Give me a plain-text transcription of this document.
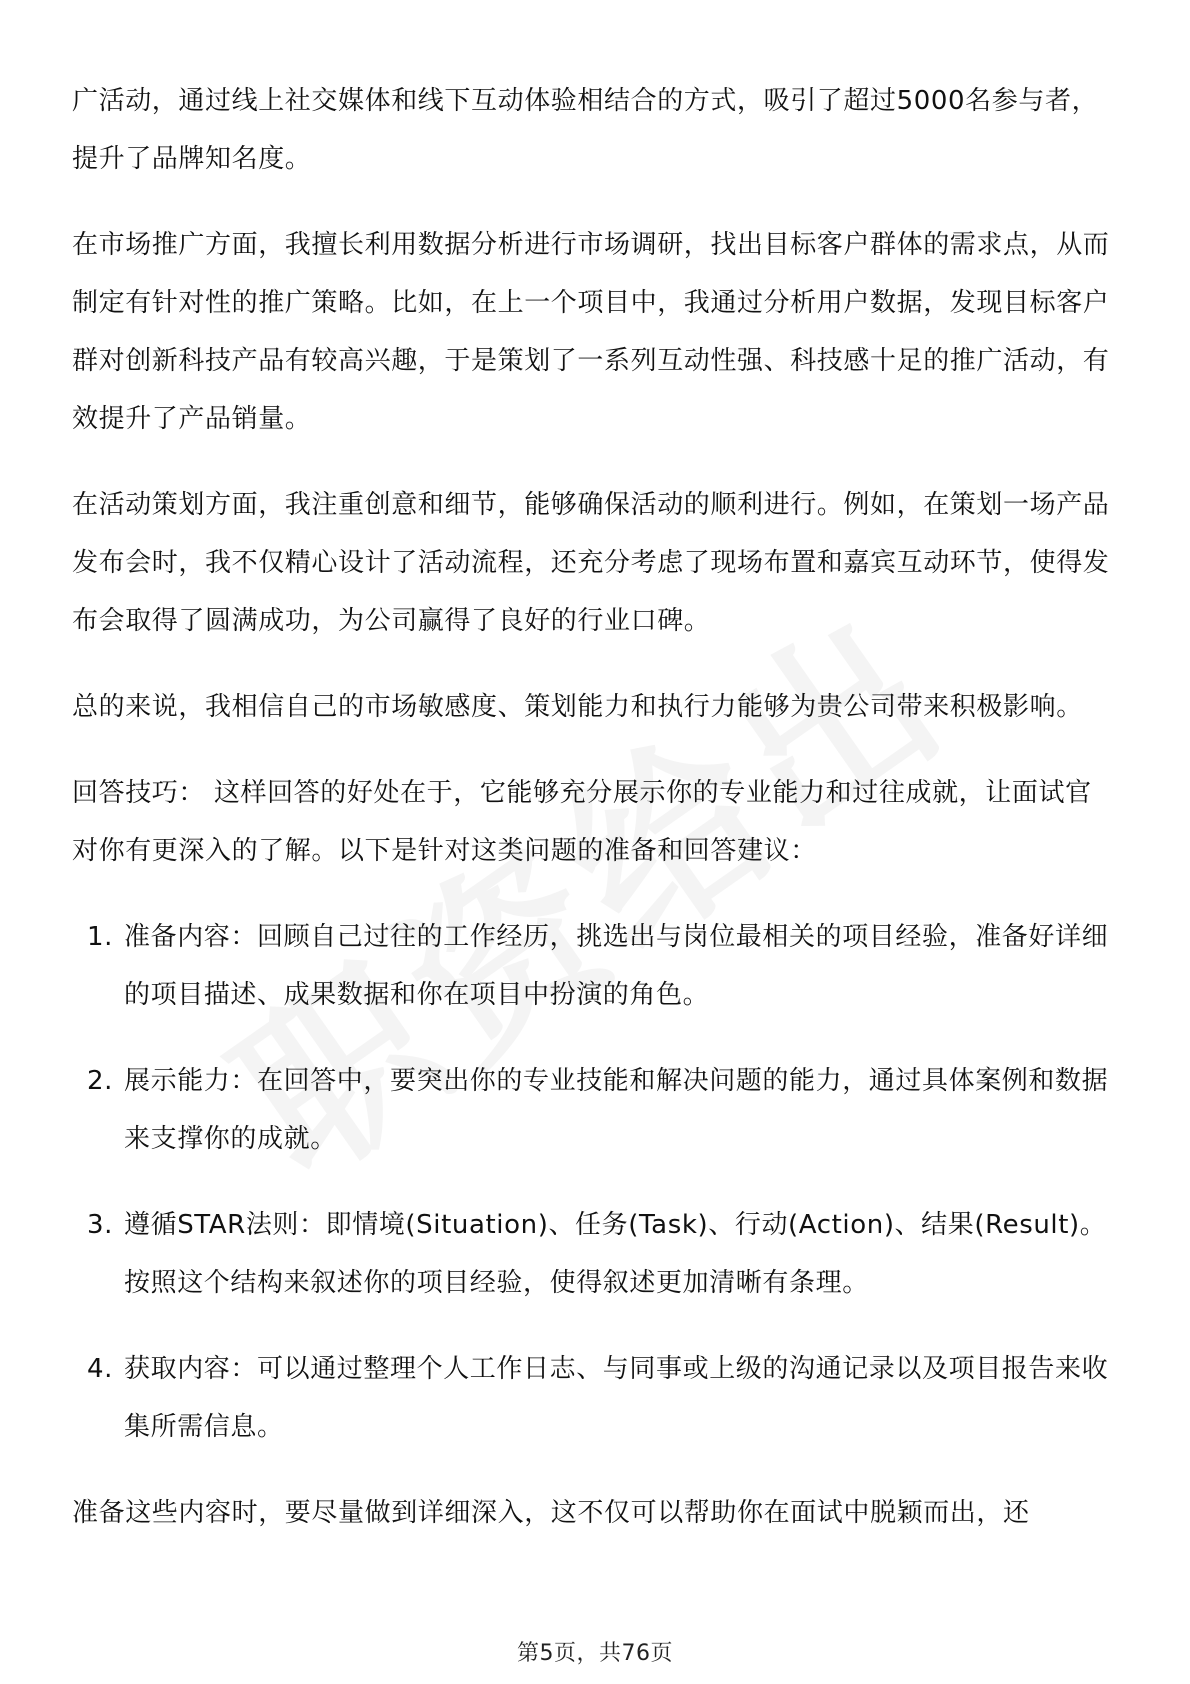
广活动，通过线上社交媒体和线下互动体验相结合的方式，吸引了超过5000名参与者，提升了品牌知名度。

在市场推广方面，我擅长利用数据分析进行市场调研，找出目标客户群体的需求点，从而制定有针对性的推广策略。比如，在上一个项目中，我通过分析用户数据，发现目标客户群对创新科技产品有较高兴趣，于是策划了一系列互动性强、科技感十足的推广活动，有效提升了产品销量。

在活动策划方面，我注重创意和细节，能够确保活动的顺利进行。例如，在策划一场产品发布会时，我不仅精心设计了活动流程，还充分考虑了现场布置和嘉宾互动环节，使得发布会取得了圆满成功，为公司赢得了良好的行业口碑。

总的来说，我相信自己的市场敏感度、策划能力和执行力能够为贵公司带来积极影响。

回答技巧： 这样回答的好处在于，它能够充分展示你的专业能力和过往成就，让面试官对你有更深入的了解。以下是针对这类问题的准备和回答建议：

1. 准备内容：回顾自己过往的工作经历，挑选出与岗位最相关的项目经验，准备好详细的项目描述、成果数据和你在项目中扮演的角色。
2. 展示能力：在回答中，要突出你的专业技能和解决问题的能力，通过具体案例和数据来支撑你的成就。
3. 遵循STAR法则：即情境(Situation)、任务(Task)、行动(Action)、结果(Result)。按照这个结构来叙述你的项目经验，使得叙述更加清晰有条理。
4. 获取内容：可以通过整理个人工作日志、与同事或上级的沟通记录以及项目报告来收集所需信息。

准备这些内容时，要尽量做到详细深入，这不仅可以帮助你在面试中脱颖而出，还

第5页，共76页
